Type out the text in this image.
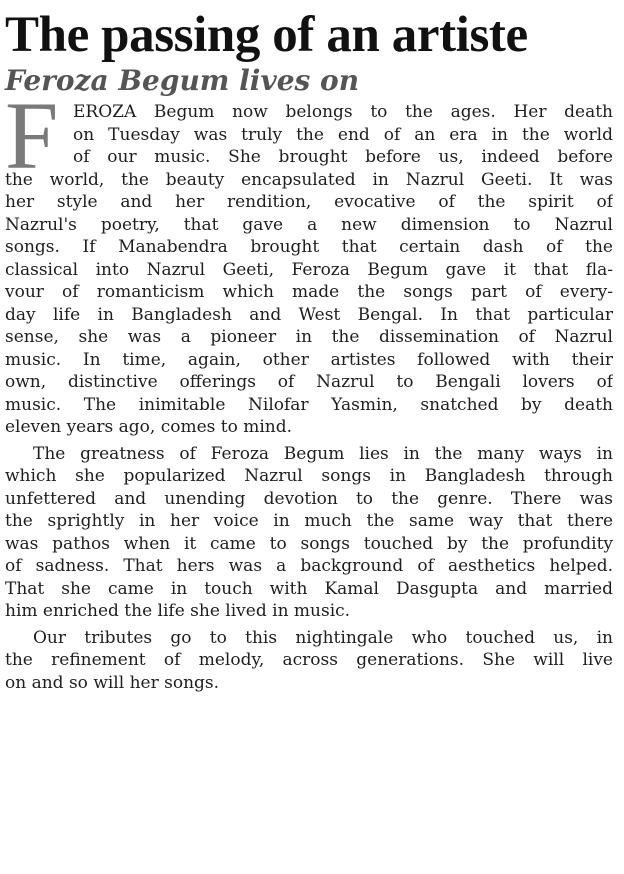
The passing of an artiste
Feroza Begum lives on
F EROZA Begum now belongs to the ages. Her death
on Tuesday was truly the end of an era in the world
of our music. She brought before us, indeed before
the world, the beauty encapsulated in Nazrul Geeti. It was
her style and her rendition, evocative of the spirit of
Nazrul's poetry, that gave a new dimension to Nazrul
songs. If Manabendra brought that certain dash of the
classical into Nazrul Geeti, Feroza Begum gave it that fla-
vour of romanticism which made the songs part of every-
day life in Bangladesh and West Bengal. In that particular
sense, she was a pioneer in the dissemination of Nazrul
music. In time, again, other artistes followed with their
own, distinctive offerings of Nazrul to Bengali lovers of
music. The inimitable Nilofar Yasmin, snatched by death
eleven years ago, comes to mind.
The greatness of Feroza Begum lies in the many ways in
which she popularized Nazrul songs in Bangladesh through
unfettered and unending devotion to the genre. There was
the sprightly in her voice in much the same way that there
was pathos when it came to songs touched by the profundity
of sadness. That hers was a background of aesthetics helped.
That she came in touch with Kamal Dasgupta and married
him enriched the life she lived in music.
Our tributes go to this nightingale who touched us, in
the refinement of melody, across generations. She will live
on and so will her songs.
